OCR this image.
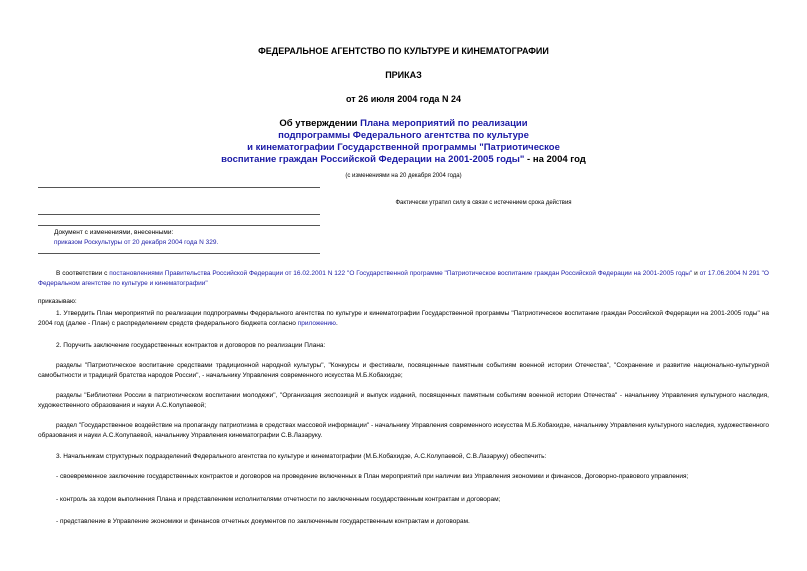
ФЕДЕРАЛЬНОЕ АГЕНТСТВО ПО КУЛЬТУРЕ И КИНЕМАТОГРАФИИ
ПРИКАЗ
от 26 июля 2004 года N 24
Об утверждении Плана мероприятий по реализации
подпрограммы Федерального агентства по культуре
и кинематографии Государственной программы "Патриотическое
воспитание граждан Российской Федерации на 2001-2005 годы" - на 2004 год
(с изменениями на 20 декабря 2004 года)
Фактически утратил силу в связи с истечением срока действия
Документ с изменениями, внесенными:
приказом Роскультуры от 20 декабря 2004 года N 329.
В соответствии с постановлениями Правительства Российской Федерации от 16.02.2001 N 122 "О Государственной программе "Патриотическое воспитание граждан Российской Федерации на 2001-2005 годы" и от 17.06.2004 N 291 "О Федеральном агентстве по культуре и кинематографии"
приказываю:
1. Утвердить План мероприятий по реализации подпрограммы Федерального агентства по культуре и кинематографии Государственной программы "Патриотическое воспитание граждан Российской Федерации на 2001-2005 годы" на 2004 год (далее - План) с распределением средств федерального бюджета согласно приложению.
2. Поручить заключение государственных контрактов и договоров по реализации Плана:
разделы "Патриотическое воспитание средствами традиционной народной культуры", "Конкурсы и фестивали, посвященные памятным событиям военной истории Отечества", "Сохранение и развитие национально-культурной самобытности и традиций братства народов России", - начальнику Управления современного искусства М.Б.Кобахидзе;
разделы "Библиотеки России в патриотическом воспитании молодежи", "Организация экспозиций и выпуск изданий, посвященных памятным событиям военной истории Отечества" - начальнику Управления культурного наследия, художественного образования и науки А.С.Колупаевой;
раздел "Государственное воздействие на пропаганду патриотизма в средствах массовой информации" - начальнику Управления современного искусства М.Б.Кобахидзе, начальнику Управления культурного наследия, художественного образования и науки А.С.Колупаевой, начальнику Управления кинематографии С.В.Лазаруку.
3. Начальникам структурных подразделений Федерального агентства по культуре и кинематографии (М.Б.Кобахидзе, А.С.Колупаевой, С.В.Лазаруку) обеспечить:
- своевременное заключение государственных контрактов и договоров на проведение включенных в План мероприятий при наличии виз Управления экономики и финансов, Договорно-правового управления;
- контроль за ходом выполнения Плана и представлением исполнителями отчетности по заключенным государственным контрактам и договорам;
- представление в Управление экономики и финансов отчетных документов по заключенным государственным контрактам и договорам.
